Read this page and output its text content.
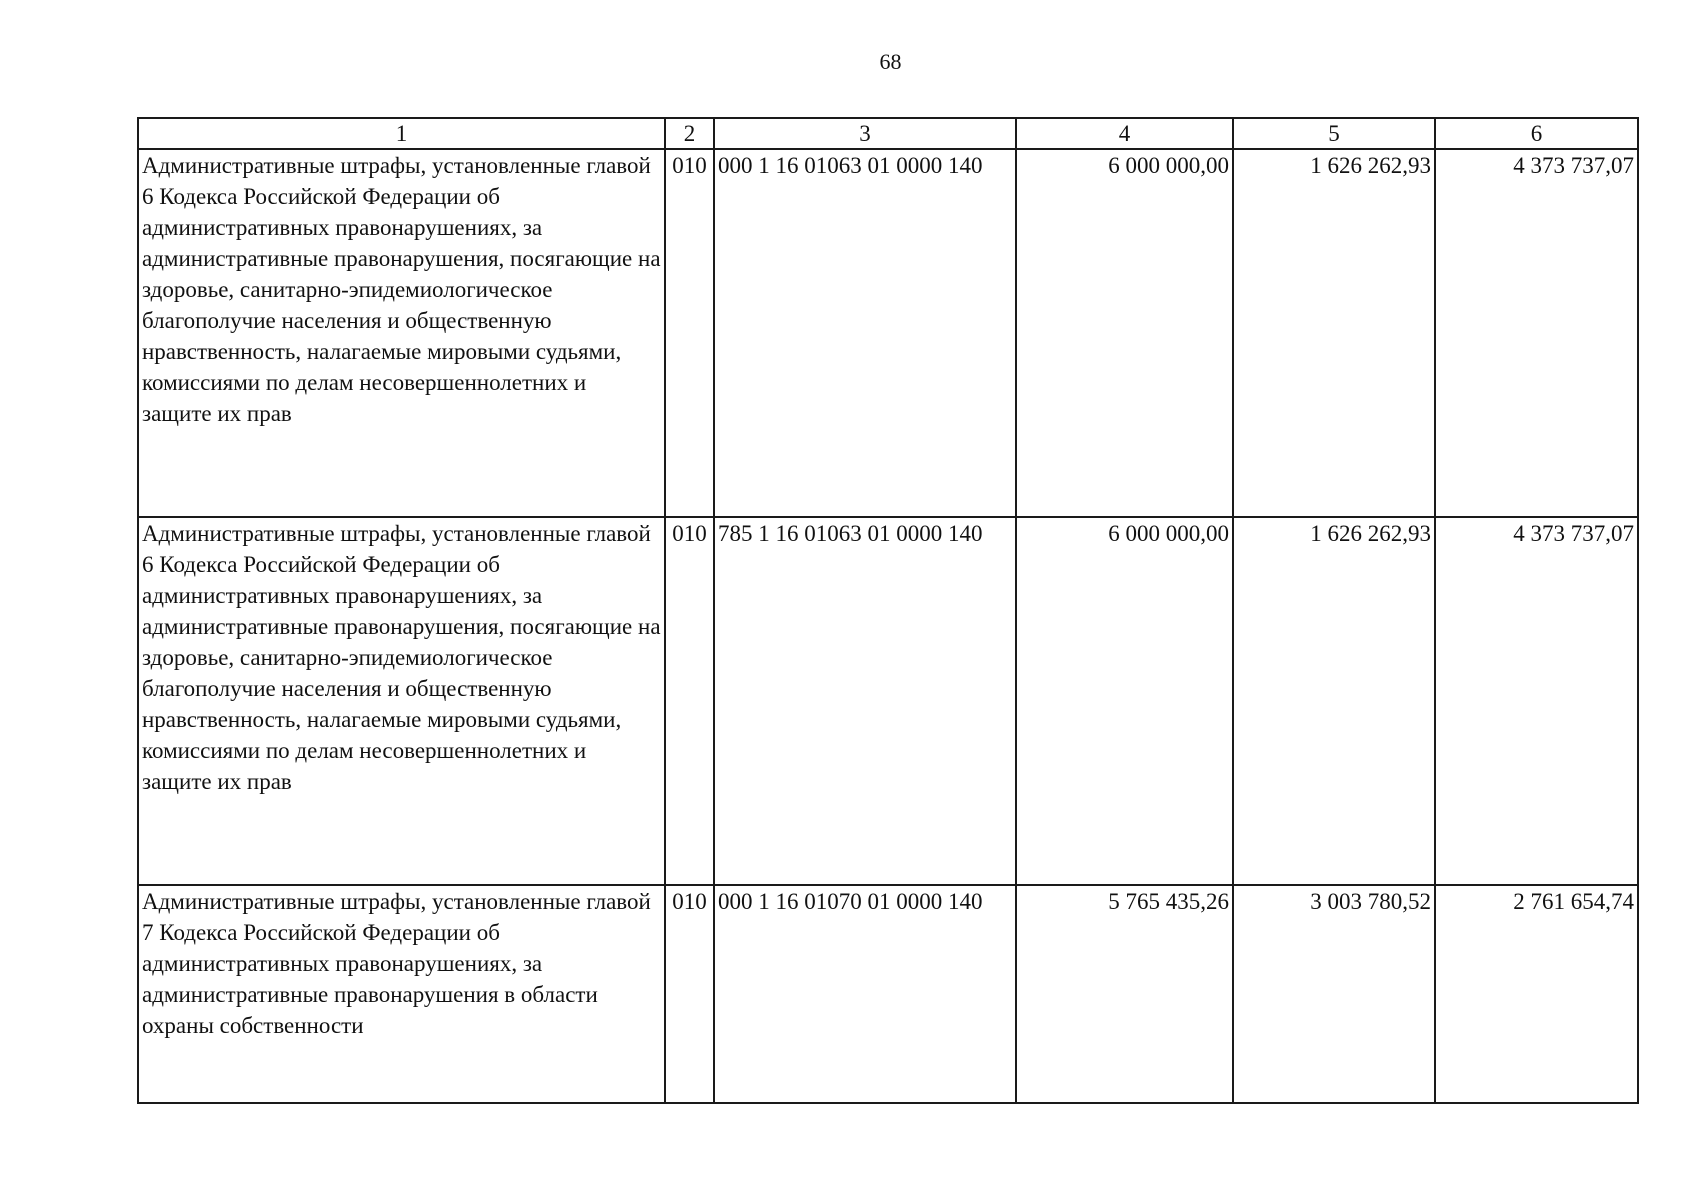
68
1	2	3	4	5	6
Административные штрафы, установленные главой 6 Кодекса Российской Федерации об административных правонарушениях, за административные правонарушения, посягающие на здоровье, санитарно-эпидемиологическое благополучие населения и общественную нравственность, налагаемые мировыми судьями, комиссиями по делам несовершеннолетних и защите их прав	010	000 1 16 01063 01 0000 140	6 000 000,00	1 626 262,93	4 373 737,07
Административные штрафы, установленные главой 6 Кодекса Российской Федерации об административных правонарушениях, за административные правонарушения, посягающие на здоровье, санитарно-эпидемиологическое благополучие населения и общественную нравственность, налагаемые мировыми судьями, комиссиями по делам несовершеннолетних и защите их прав	010	785 1 16 01063 01 0000 140	6 000 000,00	1 626 262,93	4 373 737,07
Административные штрафы, установленные главой 7 Кодекса Российской Федерации об административных правонарушениях, за административные правонарушения в области охраны собственности	010	000 1 16 01070 01 0000 140	5 765 435,26	3 003 780,52	2 761 654,74
